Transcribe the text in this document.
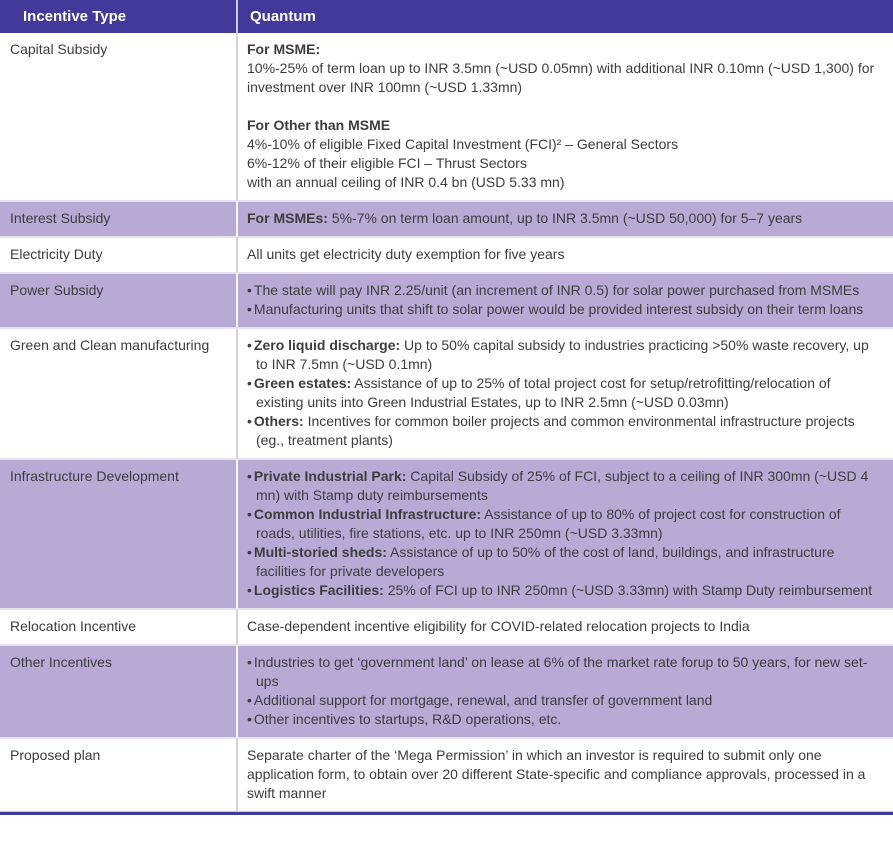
Incentive Type	Quantum
Capital Subsidy	For MSME:
10%-25% of term loan up to INR 3.5mn (~USD 0.05mn) with additional INR 0.10mn (~USD 1,300) for investment over INR 100mn (~USD 1.33mn)
For Other than MSME
4%-10% of eligible Fixed Capital Investment (FCI)² – General Sectors
6%-12% of their eligible FCI – Thrust Sectors
with an annual ceiling of INR 0.4 bn (USD 5.33 mn)
Interest Subsidy	For MSMEs: 5%-7% on term loan amount, up to INR 3.5mn (~USD 50,000) for 5–7 years
Electricity Duty	All units get electricity duty exemption for five years
Power Subsidy	• The state will pay INR 2.25/unit (an increment of INR 0.5) for solar power purchased from MSMEs
• Manufacturing units that shift to solar power would be provided interest subsidy on their term loans
Green and Clean manufacturing	• Zero liquid discharge: Up to 50% capital subsidy to industries practicing >50% waste recovery, up to INR 7.5mn (~USD 0.1mn)
• Green estates: Assistance of up to 25% of total project cost for setup/retrofitting/relocation of existing units into Green Industrial Estates, up to INR 2.5mn (~USD 0.03mn)
• Others: Incentives for common boiler projects and common environmental infrastructure projects (eg., treatment plants)
Infrastructure Development	• Private Industrial Park: Capital Subsidy of 25% of FCI, subject to a ceiling of INR 300mn (~USD 4 mn) with Stamp duty reimbursements
• Common Industrial Infrastructure: Assistance of up to 80% of project cost for construction of roads, utilities, fire stations, etc. up to INR 250mn (~USD 3.33mn)
• Multi-storied sheds: Assistance of up to 50% of the cost of land, buildings, and infrastructure facilities for private developers
• Logistics Facilities: 25% of FCI up to INR 250mn (~USD 3.33mn) with Stamp Duty reimbursement
Relocation Incentive	Case-dependent incentive eligibility for COVID-related relocation projects to India
Other Incentives	• Industries to get ‘government land’ on lease at 6% of the market rate forup to 50 years, for new set-ups
• Additional support for mortgage, renewal, and transfer of government land
• Other incentives to startups, R&D operations, etc.
Proposed plan	Separate charter of the ‘Mega Permission’ in which an investor is required to submit only one application form, to obtain over 20 different State-specific and compliance approvals, processed in a swift manner
